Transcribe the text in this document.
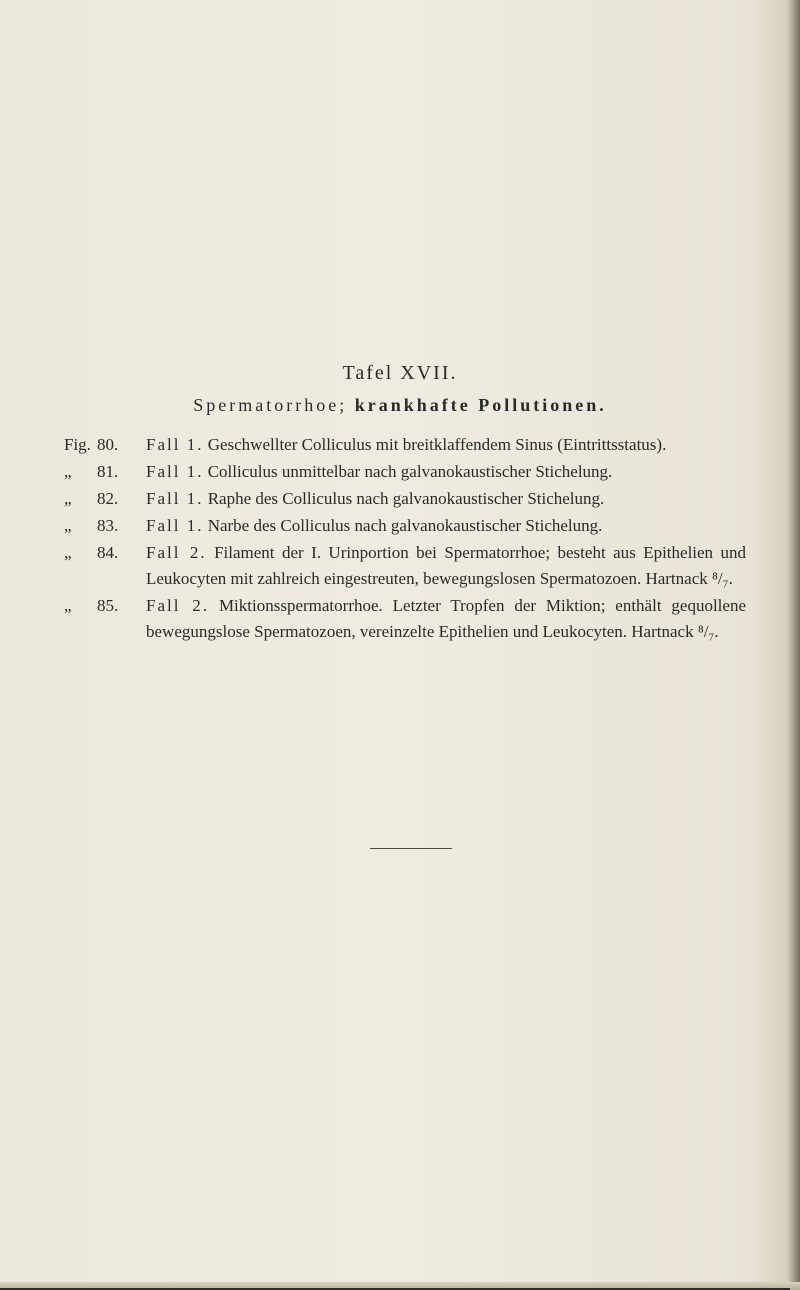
Tafel XVII.

Spermatorrhoe; krankhafte Pollutionen.

Fig. 80.	Fall 1. Geschwellter Colliculus mit breitklaffendem Sinus (Eintrittsstatus).
„	81.	Fall 1. Colliculus unmittelbar nach galvanokaustischer Stichelung.
„	82.	Fall 1. Raphe des Colliculus nach galvanokaustischer Stichelung.
„	83.	Fall 1. Narbe des Colliculus nach galvanokaustischer Stichelung.
„	84.	Fall 2. Filament der I. Urinportion bei Spermatorrhoe; besteht aus Epithelien und Leukocyten mit zahlreich eingestreuten, bewegungslosen Spermatozoen. Hartnack ⁸/₇.
„	85.	Fall 2. Miktionsspermatorrhoe. Letzter Tropfen der Miktion; enthält gequollene bewegungslose Spermatozoen, vereinzelte Epithelien und Leukocyten. Hartnack ⁸/₇.
